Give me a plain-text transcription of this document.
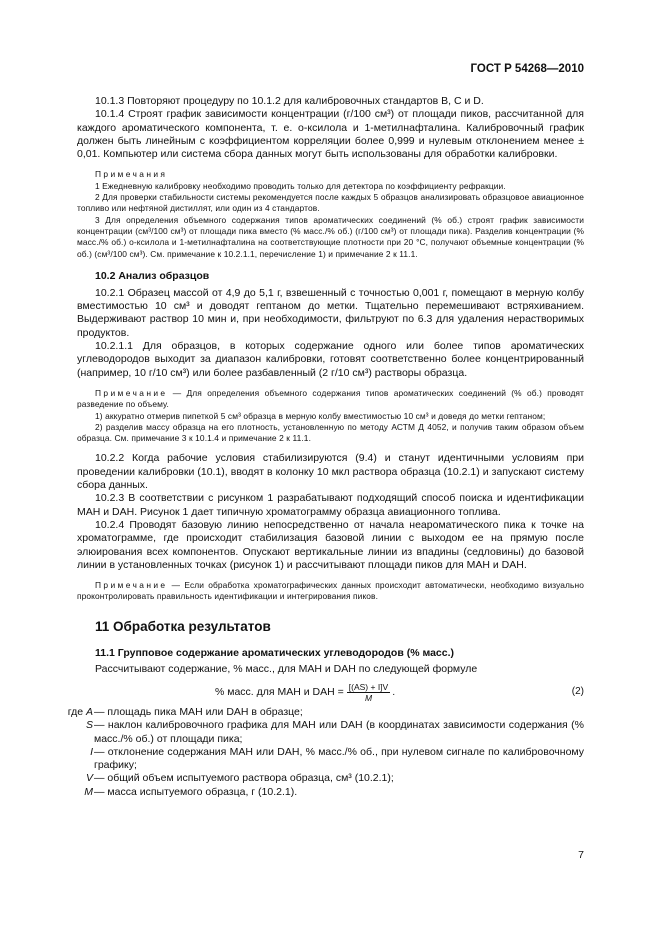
ГОСТ Р 54268—2010

10.1.3 Повторяют процедуру по 10.1.2 для калибровочных стандартов В, С и D.

10.1.4 Строят график зависимости концентрации (г/100 см³) от площади пиков, рассчитанной для каждого ароматического компонента, т. е. о-ксилола и 1-метилнафталина. Калибровочный график должен быть линейным с коэффициентом корреляции более 0,999 и нулевым отклонением менее ± 0,01. Компьютер или система сбора данных могут быть использованы для обработки калибровки.

Примечания

1 Ежедневную калибровку необходимо проводить только для детектора по коэффициенту рефракции.

2 Для проверки стабильности системы рекомендуется после каждых 5 образцов анализировать образцовое авиационное топливо или нефтяной дистиллят, или один из 4 стандартов.

3 Для определения объемного содержания типов ароматических соединений (% об.) строят график зависимости концентрации (см³/100 см³) от площади пика вместо (% масс./% об.) (г/100 см³) от площади пика). Разделив концентрации (% масс./% об.) о-ксилола и 1-метилнафталина на соответствующие плотности при 20 °С, получают объемные концентрации (% об.) (см³/100 см³). См. примечание к 10.2.1.1, перечисление 1) и примечание 2 к 11.1.

10.2 Анализ образцов

10.2.1 Образец массой от 4,9 до 5,1 г, взвешенный с точностью 0,001 г, помещают в мерную колбу вместимостью 10 см³ и доводят гептаном до метки. Тщательно перемешивают встряхиванием. Выдерживают раствор 10 мин и, при необходимости, фильтруют по 6.3 для удаления нерастворимых продуктов.

10.2.1.1 Для образцов, в которых содержание одного или более типов ароматических углеводородов выходит за диапазон калибровки, готовят соответственно более концентрированный (например, 10 г/10 см³) или более разбавленный (2 г/10 см³) растворы образца.

Примечание — Для определения объемного содержания типов ароматических соединений (% об.) проводят разведение по объему.

1) аккуратно отмерив пипеткой 5 см³ образца в мерную колбу вместимостью 10 см³ и доведя до метки гептаном;

2) разделив массу образца на его плотность, установленную по методу АСТМ Д 4052, и получив таким образом объем образца. См. примечание 3 к 10.1.4 и примечание 2 к 11.1.

10.2.2 Когда рабочие условия стабилизируются (9.4) и станут идентичными условиям при проведении калибровки (10.1), вводят в колонку 10 мкл раствора образца (10.2.1) и запускают систему сбора данных.

10.2.3 В соответствии с рисунком 1 разрабатывают подходящий способ поиска и идентификации МАН и DAH. Рисунок 1 дает типичную хроматограмму образца авиационного топлива.

10.2.4 Проводят базовую линию непосредственно от начала неароматического пика к точке на хроматограмме, где происходит стабилизация базовой линии с выходом ее на прямую после элюирования всех компонентов. Опускают вертикальные линии из впадины (седловины) до базовой линии в установленных точках (рисунок 1) и рассчитывают площади пиков для МАН и DAH.

Примечание — Если обработка хроматографических данных происходит автоматически, необходимо визуально проконтролировать правильность идентификации и интегрирования пиков.

11 Обработка результатов

11.1 Групповое содержание ароматических углеводородов (% масс.)

Рассчитывают содержание, % масс., для МАН и DAH по следующей формуле

% масс. для МАН и DAH = $\frac{[(AS) + I]V}{M}$ .	(2)
где A — площадь пика МАН или DAH в образце;
S — наклон калибровочного графика для МАН или DAH (в координатах зависимости содержания (% масс./% об.) от площади пика;
I — отклонение содержания МАН или DAH, % масс./% об., при нулевом сигнале по калибровочному графику;
V — общий объем испытуемого раствора образца, см³ (10.2.1);
M — масса испытуемого образца, г (10.2.1).
7
